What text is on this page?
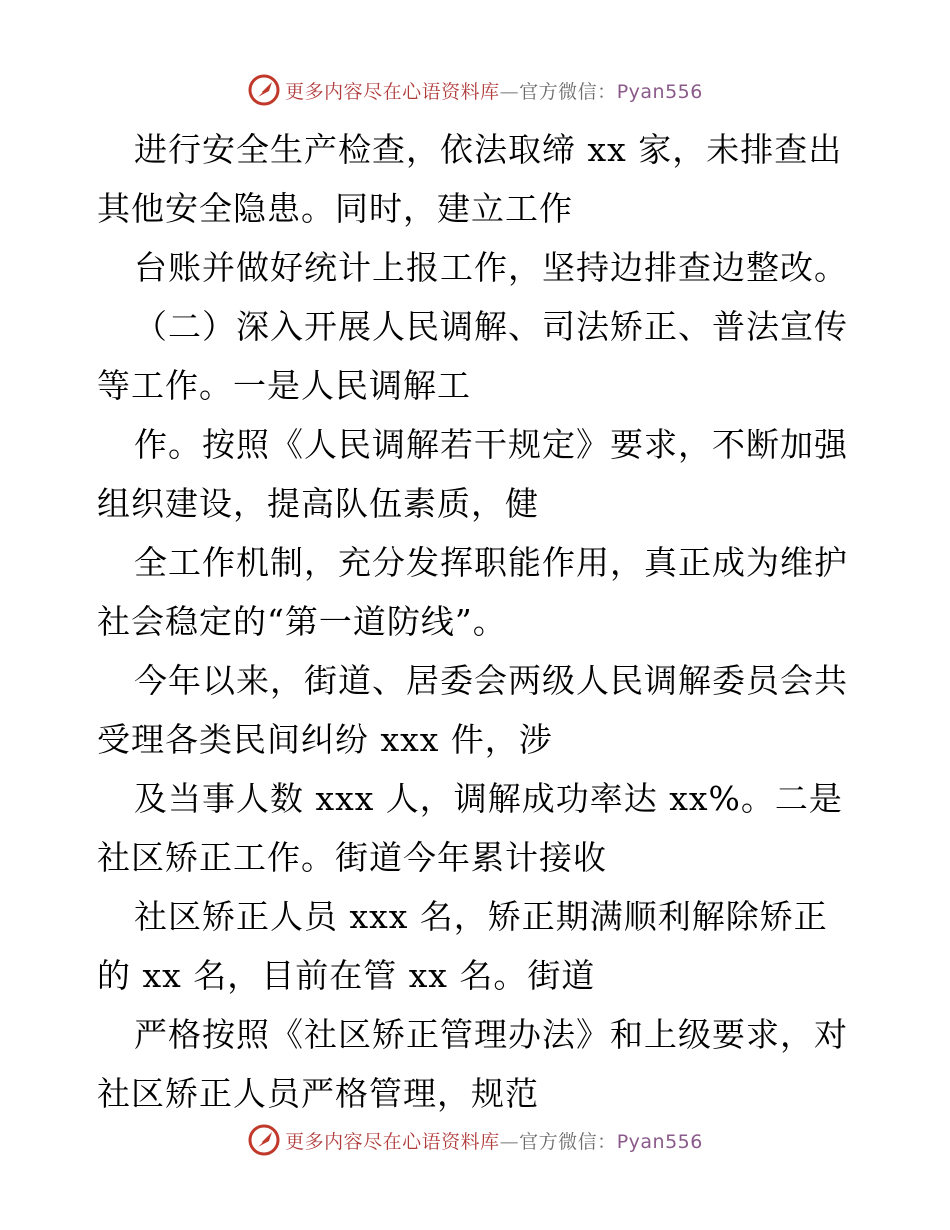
更多内容尽在心语资料库—官方微信：Pyan556
进行安全生产检查，依法取缔 xx 家，未排查出
其他安全隐患。同时，建立工作
台账并做好统计上报工作，坚持边排查边整改。
（二）深入开展人民调解、司法矫正、普法宣传
等工作。一是人民调解工
作。按照《人民调解若干规定》要求，不断加强
组织建设，提高队伍素质，健
全工作机制，充分发挥职能作用，真正成为维护
社会稳定的“第一道防线”。
今年以来，街道、居委会两级人民调解委员会共
受理各类民间纠纷 xxx 件，涉
及当事人数 xxx 人，调解成功率达 xx%。二是
社区矫正工作。街道今年累计接收
社区矫正人员 xxx 名，矫正期满顺利解除矫正
的 xx 名，目前在管 xx 名。街道
严格按照《社区矫正管理办法》和上级要求，对
社区矫正人员严格管理，规范
更多内容尽在心语资料库—官方微信：Pyan556
